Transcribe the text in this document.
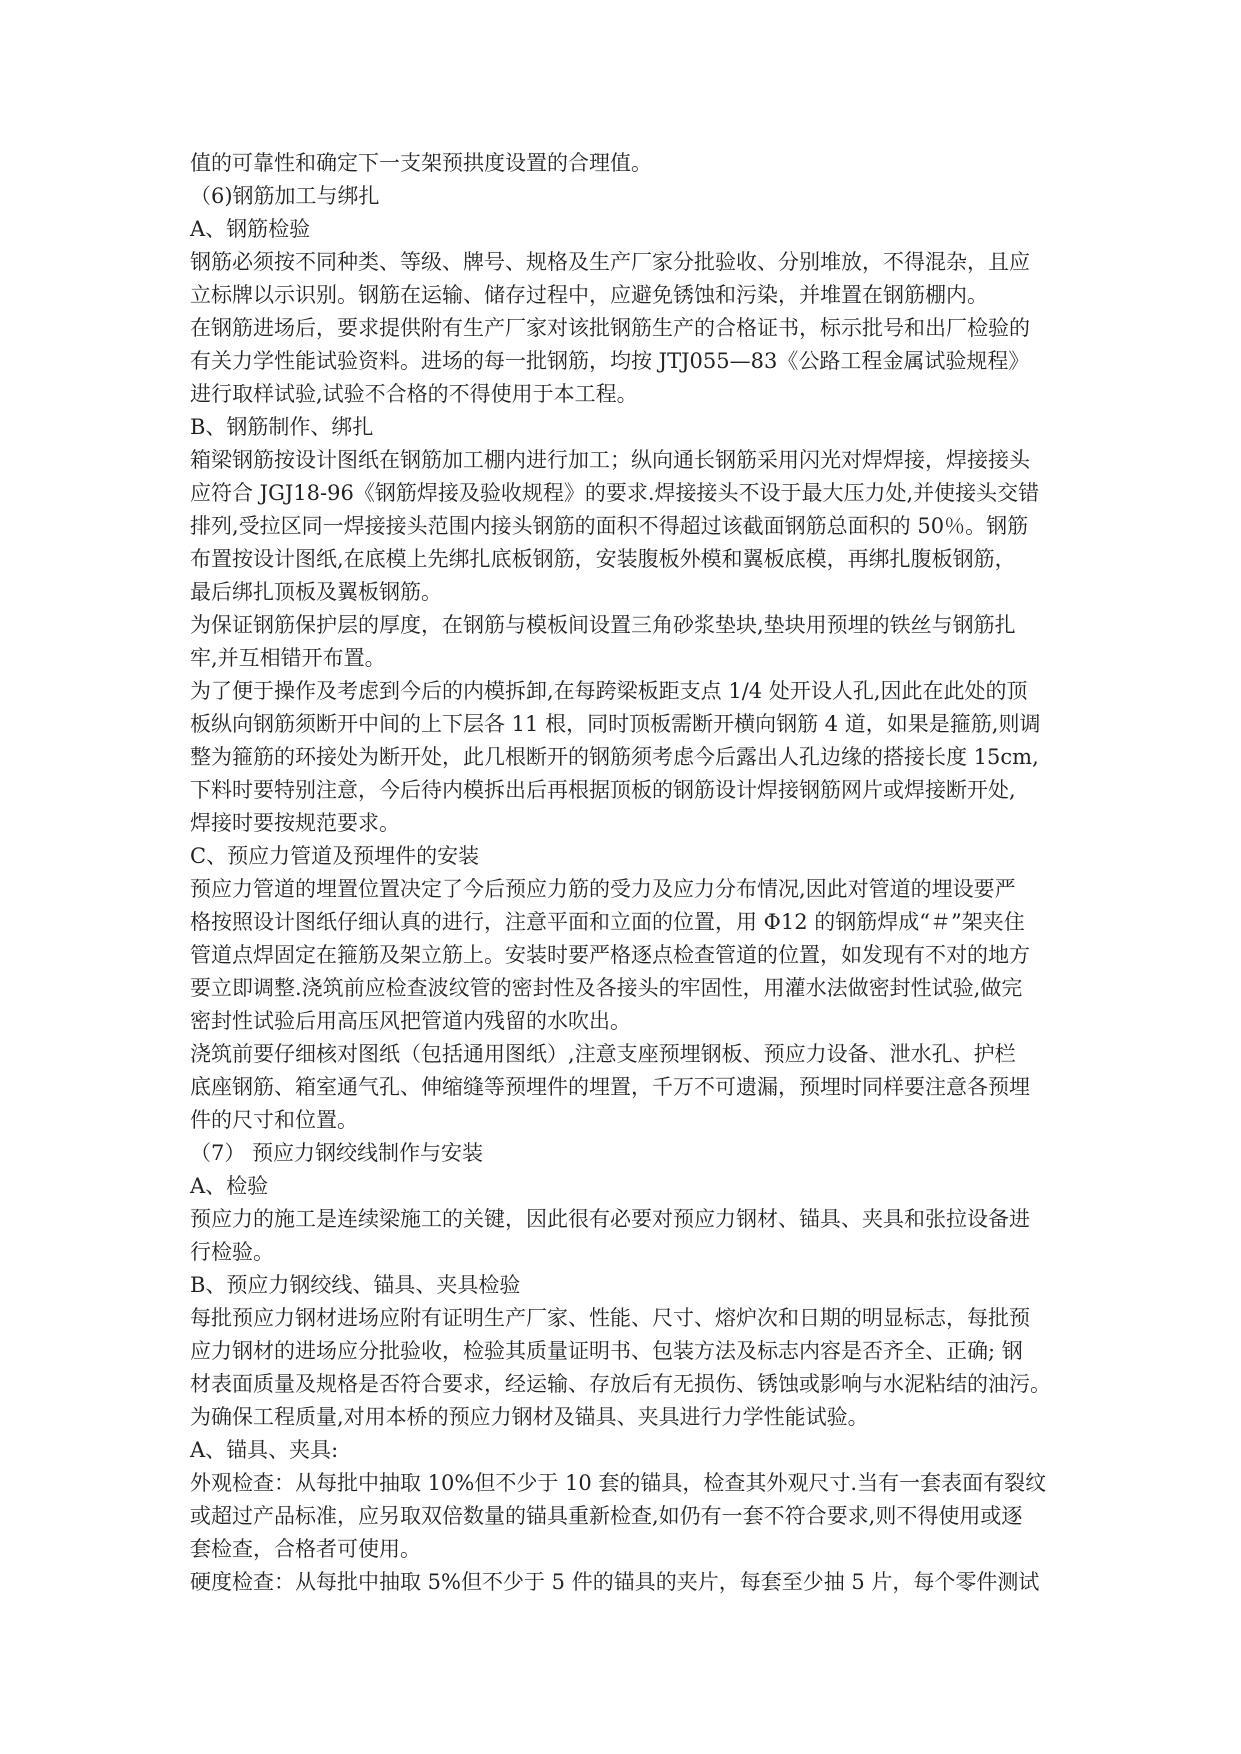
值的可靠性和确定下一支架预拱度设置的合理值。
（6)钢筋加工与绑扎
A、钢筋检验
钢筋必须按不同种类、等级、牌号、规格及生产厂家分批验收、分别堆放，不得混杂，且应
立标牌以示识别。钢筋在运输、储存过程中，应避免锈蚀和污染，并堆置在钢筋棚内。
在钢筋进场后，要求提供附有生产厂家对该批钢筋生产的合格证书，标示批号和出厂检验的
有关力学性能试验资料。进场的每一批钢筋，均按 JTJ055—83《公路工程金属试验规程》
进行取样试验,试验不合格的不得使用于本工程。
B、钢筋制作、绑扎
箱梁钢筋按设计图纸在钢筋加工棚内进行加工；纵向通长钢筋采用闪光对焊焊接，焊接接头
应符合 JGJ18-96《钢筋焊接及验收规程》的要求.焊接接头不设于最大压力处,并使接头交错
排列,受拉区同一焊接接头范围内接头钢筋的面积不得超过该截面钢筋总面积的 50％。钢筋
布置按设计图纸,在底模上先绑扎底板钢筋，安装腹板外模和翼板底模，再绑扎腹板钢筋，
最后绑扎顶板及翼板钢筋。
为保证钢筋保护层的厚度，在钢筋与模板间设置三角砂浆垫块,垫块用预埋的铁丝与钢筋扎
牢,并互相错开布置。
为了便于操作及考虑到今后的内模拆卸,在每跨梁板距支点 1/4 处开设人孔,因此在此处的顶
板纵向钢筋须断开中间的上下层各 11 根，同时顶板需断开横向钢筋 4 道，如果是箍筋,则调
整为箍筋的环接处为断开处，此几根断开的钢筋须考虑今后露出人孔边缘的搭接长度 15cm,
下料时要特别注意，今后待内模拆出后再根据顶板的钢筋设计焊接钢筋网片或焊接断开处,
焊接时要按规范要求。
C、预应力管道及预埋件的安装
预应力管道的埋置位置决定了今后预应力筋的受力及应力分布情况,因此对管道的埋设要严
格按照设计图纸仔细认真的进行，注意平面和立面的位置，用 Φ12 的钢筋焊成“＃”架夹住
管道点焊固定在箍筋及架立筋上。安装时要严格逐点检查管道的位置，如发现有不对的地方
要立即调整.浇筑前应检查波纹管的密封性及各接头的牢固性，用灌水法做密封性试验,做完
密封性试验后用高压风把管道内残留的水吹出。
浇筑前要仔细核对图纸（包括通用图纸）,注意支座预埋钢板、预应力设备、泄水孔、护栏
底座钢筋、箱室通气孔、伸缩缝等预埋件的埋置，千万不可遗漏，预埋时同样要注意各预埋
件的尺寸和位置。
（7） 预应力钢绞线制作与安装
A、检验
预应力的施工是连续梁施工的关键，因此很有必要对预应力钢材、锚具、夹具和张拉设备进
行检验。
B、预应力钢绞线、锚具、夹具检验
每批预应力钢材进场应附有证明生产厂家、性能、尺寸、熔炉次和日期的明显标志，每批预
应力钢材的进场应分批验收，检验其质量证明书、包装方法及标志内容是否齐全、正确; 钢
材表面质量及规格是否符合要求，经运输、存放后有无损伤、锈蚀或影响与水泥粘结的油污。
为确保工程质量,对用本桥的预应力钢材及锚具、夹具进行力学性能试验。
A、锚具、夹具:
外观检查：从每批中抽取 10%但不少于 10 套的锚具，检查其外观尺寸.当有一套表面有裂纹
或超过产品标准，应另取双倍数量的锚具重新检查,如仍有一套不符合要求,则不得使用或逐
套检查，合格者可使用。
硬度检查：从每批中抽取 5%但不少于 5 件的锚具的夹片，每套至少抽 5 片，每个零件测试
